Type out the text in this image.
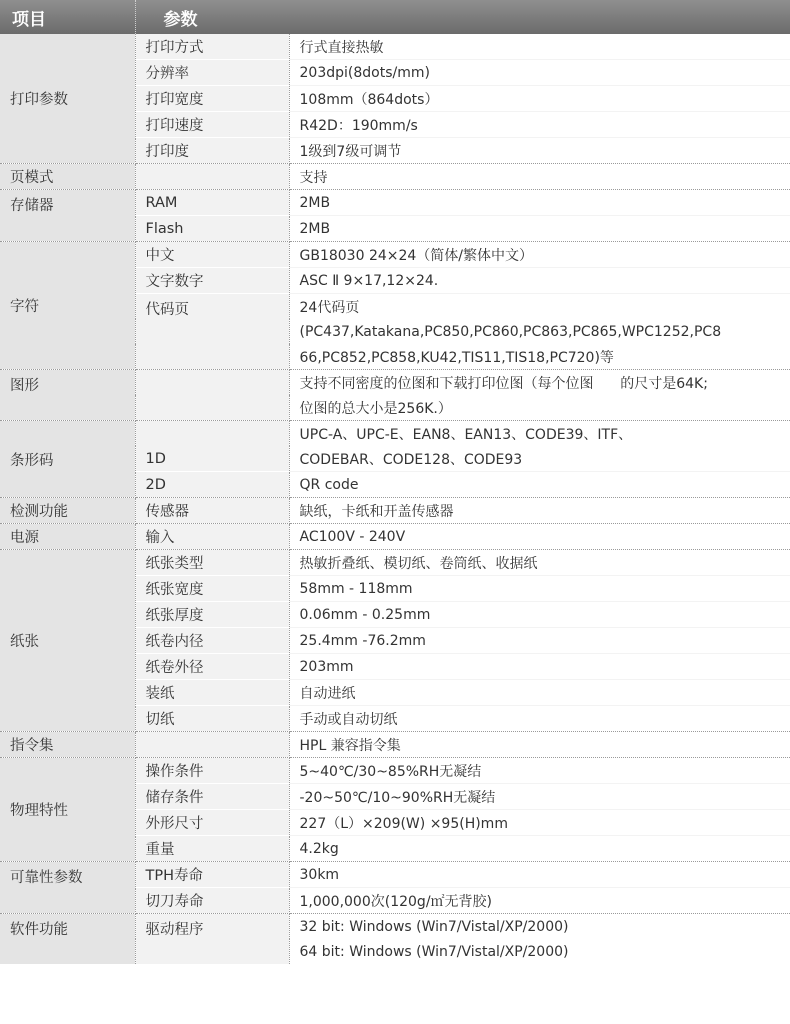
项目	参数	
打印参数	打印方式	行式直接热敏
	分辨率	203dpi(8dots/mm)
	打印宽度	108mm（864dots）
	打印速度	R42D：190mm/s
	打印度	1级到7级可调节
页模式		支持
存储器	RAM	2MB
	Flash	2MB
字符	中文	GB18030 24×24（简体/繁体中文）
	文字数字	ASC Ⅱ 9×17,12×24.
	代码页	24代码页
		(PC437,Katakana,PC850,PC860,PC863,PC865,WPC1252,PC8
		66,PC852,PC858,KU42,TIS11,TIS18,PC720)等
图形		支持不同密度的位图和下载打印位图（每个位图      的尺寸是64K;
		位图的总大小是256K.）
条形码	1D	UPC-A、UPC-E、EAN8、EAN13、CODE39、ITF、
		CODEBAR、CODE128、CODE93
	2D	QR code
检测功能	传感器	缺纸，卡纸和开盖传感器
电源	输入	AC100V - 240V
纸张	纸张类型	热敏折叠纸、模切纸、卷筒纸、收据纸
	纸张宽度	58mm - 118mm
	纸张厚度	0.06mm - 0.25mm
	纸卷内径	25.4mm -76.2mm
	纸卷外径	203mm
	装纸	自动进纸
	切纸	手动或自动切纸
指令集		HPL 兼容指令集
物理特性	操作条件	5~40℃/30~85%RH无凝结
	储存条件	-20~50℃/10~90%RH无凝结
	外形尺寸	227（L）×209(W) ×95(H)mm
	重量	4.2kg
可靠性参数	TPH寿命	30km
	切刀寿命	1,000,000次(120g/㎡无背胶)
软件功能	驱动程序	32 bit: Windows (Win7/Vistal/XP/2000)
		64 bit: Windows (Win7/Vistal/XP/2000)
